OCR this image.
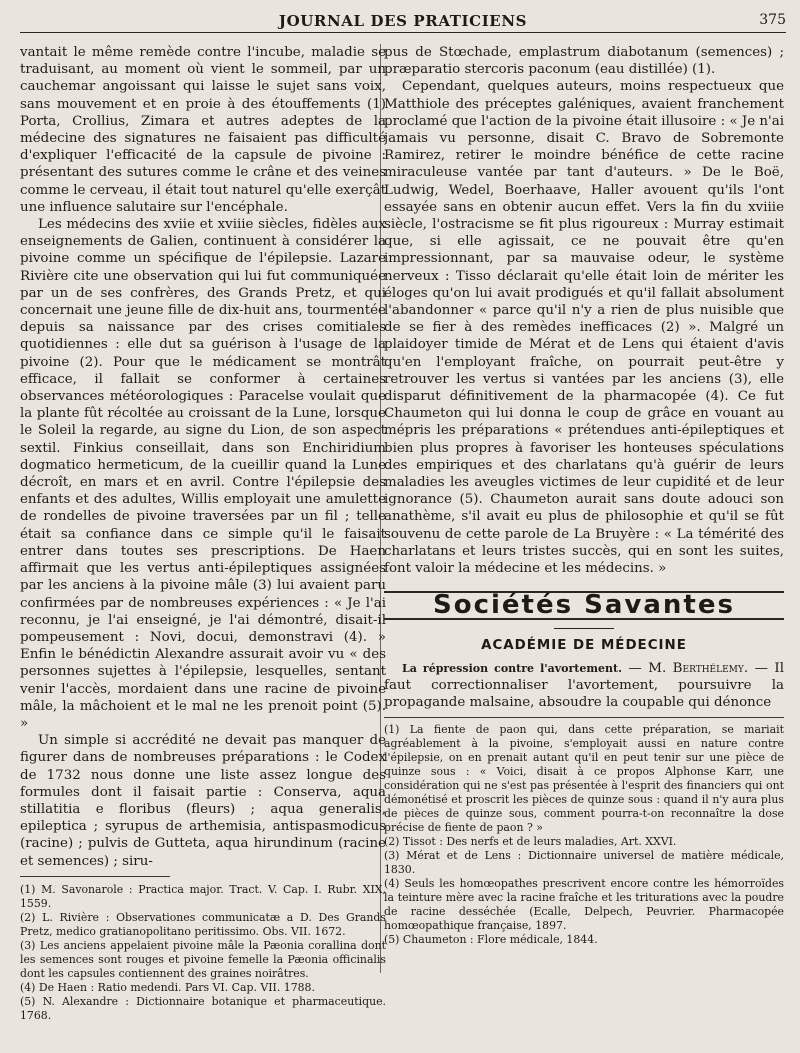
JOURNAL DES PRATICIENS	375

vantait le même remède contre l'incube, maladie se traduisant, au moment où vient le sommeil, par un cauchemar angoissant qui laisse le sujet sans voix, sans mouvement et en proie à des étouffements (1) Porta, Crollius, Zimara et autres adeptes de la médecine des signatures ne faisaient pas difficulté d'expliquer l'efficacité de la capsule de pivoine : présentant des sutures comme le crâne et des veines comme le cerveau, il était tout naturel qu'elle exerçât une influence salutaire sur l'encéphale.

Les médecins des xviie et xviiie siècles, fidèles aux enseignements de Galien, continuent à considérer la pivoine comme un spécifique de l'épilepsie. Lazare Rivière cite une observation qui lui fut communiquée par un de ses confrères, des Grands Pretz, et qui concernait une jeune fille de dix-huit ans, tourmentée depuis sa naissance par des crises comitiales quotidiennes : elle dut sa guérison à l'usage de la pivoine (2). Pour que le médicament se montrât efficace, il fallait se conformer à certaines observances météorologiques : Paracelse voulait que la plante fût récoltée au croissant de la Lune, lorsque le Soleil la regarde, au signe du Lion, de son aspect sextil. Finkius conseillait, dans son Enchiridium dogmatico hermeticum, de la cueillir quand la Lune décroît, en mars et en avril. Contre l'épilepsie des enfants et des adultes, Willis employait une amulette de rondelles de pivoine traversées par un fil ; telle était sa confiance dans ce simple qu'il le faisait entrer dans toutes ses prescriptions. De Haen affirmait que les vertus anti-épileptiques assignées par les anciens à la pivoine mâle (3) lui avaient paru confirmées par de nombreuses expériences : « Je l'ai reconnu, je l'ai enseigné, je l'ai démontré, disait-il pompeusement : Novi, docui, demonstravi (4). » Enfin le bénédictin Alexandre assurait avoir vu « des personnes sujettes à l'épilepsie, lesquelles, sentant venir l'accès, mordaient dans une racine de pivoine mâle, la mâchoient et le mal ne les prenoit point (5). »

Un simple si accrédité ne devait pas manquer de figurer dans de nombreuses préparations : le Codex de 1732 nous donne une liste assez longue des formules dont il faisait partie : Conserva, aqua stillatitia e floribus (fleurs) ; aqua generalis, epileptica ; syrupus de arthemisia, antispasmodicus (racine) ; pulvis de Gutteta, aqua hirundinum (racine et semences) ; siru-

(1) M. Savonarole : Practica major. Tract. V. Cap. I. Rubr. XIX, 1559.

(2) L. Rivière : Observationes communicatæ a D. Des Grands Pretz, medico gratianopolitano peritissimo. Obs. VII. 1672.

(3) Les anciens appelaient pivoine mâle la Pæonia corallina dont les semences sont rouges et pivoine femelle la Pæonia officinalis dont les capsules contiennent des graines noirâtres.

(4) De Haen : Ratio medendi. Pars VI. Cap. VII. 1788.

(5) N. Alexandre : Dictionnaire botanique et pharmaceutique. 1768.

pus de Stœchade, emplastrum diabotanum (semences) ; præparatio stercoris paconum (eau distillée) (1).

Cependant, quelques auteurs, moins respectueux que Matthiole des préceptes galéniques, avaient franchement proclamé que l'action de la pivoine était illusoire : « Je n'ai jamais vu personne, disait C. Bravo de Sobremonte Ramirez, retirer le moindre bénéfice de cette racine miraculeuse vantée par tant d'auteurs. » De le Boë, Ludwig, Wedel, Boerhaave, Haller avouent qu'ils l'ont essayée sans en obtenir aucun effet. Vers la fin du xviiie siècle, l'ostracisme se fit plus rigoureux : Murray estimait que, si elle agissait, ce ne pouvait être qu'en impressionnant, par sa mauvaise odeur, le système nerveux : Tisso déclarait qu'elle était loin de mériter les éloges qu'on lui avait prodigués et qu'il fallait absolument l'abandonner « parce qu'il n'y a rien de plus nuisible que de se fier à des remèdes inefficaces (2) ». Malgré un plaidoyer timide de Mérat et de Lens qui étaient d'avis qu'en l'employant fraîche, on pourrait peut-être y retrouver les vertus si vantées par les anciens (3), elle disparut définitivement de la pharmacopée (4). Ce fut Chaumeton qui lui donna le coup de grâce en vouant au mépris les préparations « prétendues anti-épileptiques et bien plus propres à favoriser les honteuses spéculations des empiriques et des charlatans qu'à guérir de leurs maladies les aveugles victimes de leur cupidité et de leur ignorance (5). Chaumeton aurait sans doute adouci son anathème, s'il avait eu plus de philosophie et qu'il se fût souvenu de cette parole de La Bruyère : « La témérité des charlatans et leurs tristes succès, qui en sont les suites, font valoir la médecine et les médecins. »

Sociétés Savantes
ACADÉMIE DE MÉDECINE

La répression contre l'avortement. — M. Berthélemy. — Il faut correctionnaliser l'avortement, poursuivre la propagande malsaine, absoudre la coupable qui dénonce

(1) La fiente de paon qui, dans cette préparation, se mariait agréablement à la pivoine, s'employait aussi en nature contre l'épilepsie, on en prenait autant qu'il en peut tenir sur une pièce de quinze sous : « Voici, disait à ce propos Alphonse Karr, une considération qui ne s'est pas présentée à l'esprit des financiers qui ont démonétisé et proscrit les pièces de quinze sous : quand il n'y aura plus de pièces de quinze sous, comment pourra-t-on reconnaître la dose précise de fiente de paon ? »

(2) Tissot : Des nerfs et de leurs maladies, Art. XXVI.

(3) Mérat et de Lens : Dictionnaire universel de matière médicale, 1830.

(4) Seuls les homœopathes prescrivent encore contre les hémorroïdes la teinture mère avec la racine fraîche et les triturations avec la poudre de racine desséchée (Ecalle, Delpech, Peuvrier. Pharmacopée homœopathique française, 1897.

(5) Chaumeton : Flore médicale, 1844.
